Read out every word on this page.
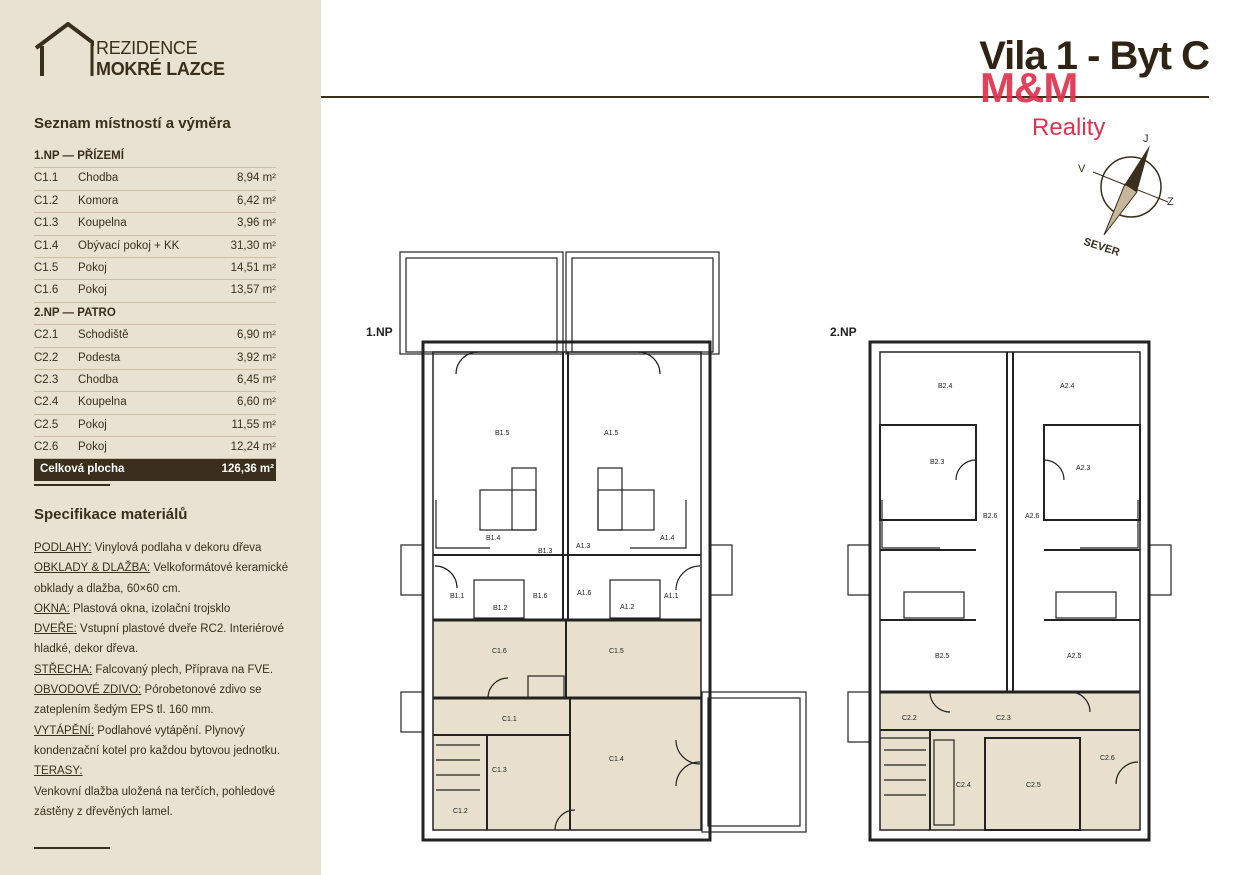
REZIDENCE
MOKRÉ LAZCE
Seznam místností a výměra
1.NP — PŘÍZEMÍ
C1.1 Chodba	8,94 m²
C1.2 Komora	6,42 m²
C1.3 Koupelna	3,96 m²
C1.4 Obývací pokoj + KK	31,30 m²
C1.5 Pokoj	14,51 m²
C1.6 Pokoj	13,57 m²
2.NP — PATRO
C2.1 Schodiště	6,90 m²
C2.2 Podesta	3,92 m²
C2.3 Chodba	6,45 m²
C2.4 Koupelna	6,60 m²
C2.5 Pokoj	11,55 m²
C2.6 Pokoj	12,24 m²
Celková plocha	126,36 m²
Specifikace materiálů
PODLAHY: Vinylová podlaha v dekoru dřeva
OBKLADY & DLAŽBA: Velkoformátové keramické obklady a dlažba, 60×60 cm.
OKNA: Plastová okna, izolační trojsklo
DVEŘE: Vstupní plastové dveře RC2. Interiérové hladké, dekor dřeva.
STŘECHA: Falcovaný plech, Příprava na FVE.
OBVODOVÉ ZDIVO: Pórobetonové zdivo se zateplením šedým EPS tl. 160 mm.
VYTÁPĚNÍ: Podlahové vytápění. Plynový kondenzační kotel pro každou bytovou jednotku.
TERASY:
Venkovní dlažba uložená na terčích, pohledové zástěny z dřevěných lamel.
Vila 1 - Byt C
M&M
Reality	J
V
Z
SEVER
B1.5	A1.5
B1.4
B1.3
A1.3
A1.4
B1.1
B1.2
B1.6	A1.6
A1.2
A1.1
C1.6	C1.5
C1.1
C1.3
C1.4
C1.2
B2.4	A2.4
B2.3
A2.3
B2.6	A2.6
B2.5	A2.5
C2.2	C2.3
C2.4	C2.5
C2.6
1.NP	2.NP
